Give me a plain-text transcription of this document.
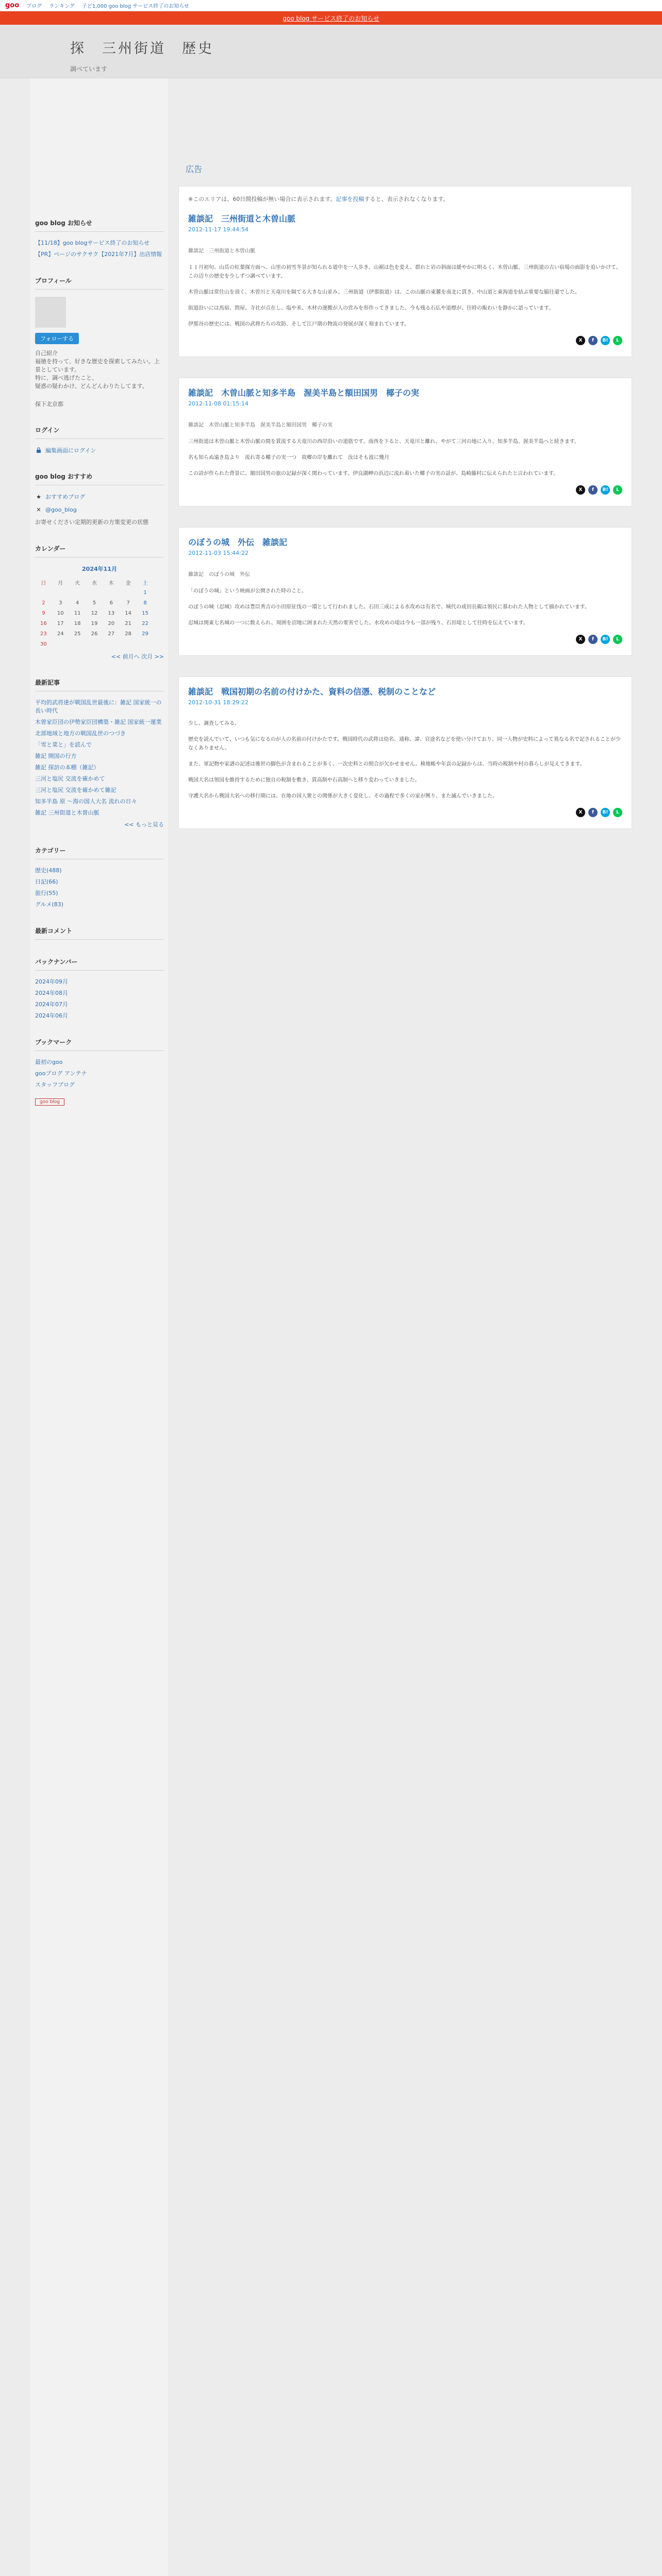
goo ブログ ランキング 子ど1,000 goo blog サービス終了のお知らせ
goo blog サービス終了のお知らせ
探　三州街道　歴史
調べています
goo blog お知らせ
【11/18】goo blogサービス終了のお知らせ
【PR】ページのサクサク【2021年7月】出店情報
プロフィール
フォローする
自己紹介
福徳を持って、好きな歴史を探索してみたい。上景としています。
特に、調べ逃げたこと、
疑惑の疑わかけ、どんどんわりたしてます。
探下北京都
ログイン
編集画面にログイン
goo blog おすすめ
★ おすすめブログ
✕ @goo_blog
お寄せください定期的更新の方策変更の状態
カレンダー
2024年11月
日	月	火	水	木	金	土
						1
2	3	4	5	6	7	8
9	10	11	12	13	14	15
16	17	18	19	20	21	22
23	24	25	26	27	28	29
30						
<< 前月へ 次月 >>
最新記事
平均的武将達が戦国乱世最後に：雑記 国家統一の長い時代
木曽家臣団の伊勢家臣団構築・雑記 国家統一運業
北部地域と地方の戦国乱世のつづき
「雪と菜と」を読んで
雑記 開国の行方
雑記 探訪の本棚（雑記）
三河と塩尻 交流を確かめて
三河と塩尻 交流を確かめて雑記
知多半島 原 〜海の国人大名 流れの日々
雑記 三州街道と木曽山脈
<< もっと見る
カテゴリー
歴史(488)
日記(66)
旅行(55)
グルメ(83)
最新コメント
バックナンバー
2024年09月
2024年08月
2024年07月
2024年06月
ブックマーク
最初のgoo
gooブログ アンテナ
スタッフブログ
goo blog
広告
※このエリアは、60日間投稿が無い場合に表示されます。記事を投稿すると、表示されなくなります。
雑談記　三州街道と木曽山脈
2012-11-17 19:44:54
雑談記　三州街道と木曽山脈

１１月初旬、山岳の紅葉探方面へ、山里の初雪冬景が知られる道中を一人歩き。山裾は色を変え、群れと岩の斜面は緩やかに明るく、木曽山脈、三州街道の古い宿場の面影を追いかけて、この辺りの歴史を少しずつ調べています。

木曽山脈は常住山を頂く、木曽川と天竜川を隔てる大きな山並み。三州街道（伊那街道）は、この山脈の東麓を南北に貫き、中山道と東海道を結ぶ重要な脇往還でした。

街道沿いには馬宿、問屋、寺社が点在し、塩や米、木材の運搬が人の営みを形作ってきました。今も残る石仏や道標が、往時の賑わいを静かに語っています。

伊那谷の歴史には、戦国の武将たちの攻防、そして江戸期の物流の発展が深く刻まれています。

X	f	B!	L
雑談記　木曽山脈と知多半島　渥美半島と額田国男　椰子の実
2012-11-08 01:15:14
雑談記　木曽山脈と知多半島　渥美半島と額田国男　椰子の実

三州街道は木曽山脈と木曽山脈の間を貫流する天竜川の西岸沿いの道筋です。南西を下ると、天竜川と離れ、やがて三河の地に入り、知多半島、渥美半島へと続きます。

名も知らぬ遠き島より　流れ寄る椰子の実一つ　故郷の岸を離れて　汝はそも波に幾月

この詩が作られた背景に、額田国男の旅の記録が深く関わっています。伊良湖岬の浜辺に流れ着いた椰子の実の話が、島崎藤村に伝えられたと言われています。

X	f	B!	L
のぼうの城　外伝　雑談記
2012-11-03 15:44:22
雑談記　のぼうの城　外伝

「のぼうの城」という映画が公開された時のこと。

のぼうの城（忍城）攻めは豊臣秀吉の小田原征伐の一環として行われました。石田三成による水攻めは有名で、城代の成田長親は領民に慕われた人物として描かれています。

忍城は関東七名城の一つに数えられ、周囲を沼地に囲まれた天然の要害でした。水攻めの堤は今も一部が残り、石田堤として往時を伝えています。

X	f	B!	L
雑談記　戦国初期の名前の付けかた、資料の信憑、税制のことなど
2012-10-31 18:29:22

少し、調査してみる。

歴史を読んでいて、いつも気になるのが人の名前の付けかたです。戦国時代の武将は幼名、通称、諱、官途名などを使い分けており、同一人物が史料によって異なる名で記されることが少なくありません。

また、軍記物や家譜の記述は後世の脚色が含まれることが多く、一次史料との照合が欠かせません。検地帳や年貢の記録からは、当時の税制や村の暮らしが見えてきます。

戦国大名は領国を維持するために独自の税制を敷き、貫高制や石高制へと移り変わっていきました。

守護大名から戦国大名への移行期には、在地の国人衆との関係が大きく変化し、その過程で多くの家が興り、また滅んでいきました。

X	f	B!	L
